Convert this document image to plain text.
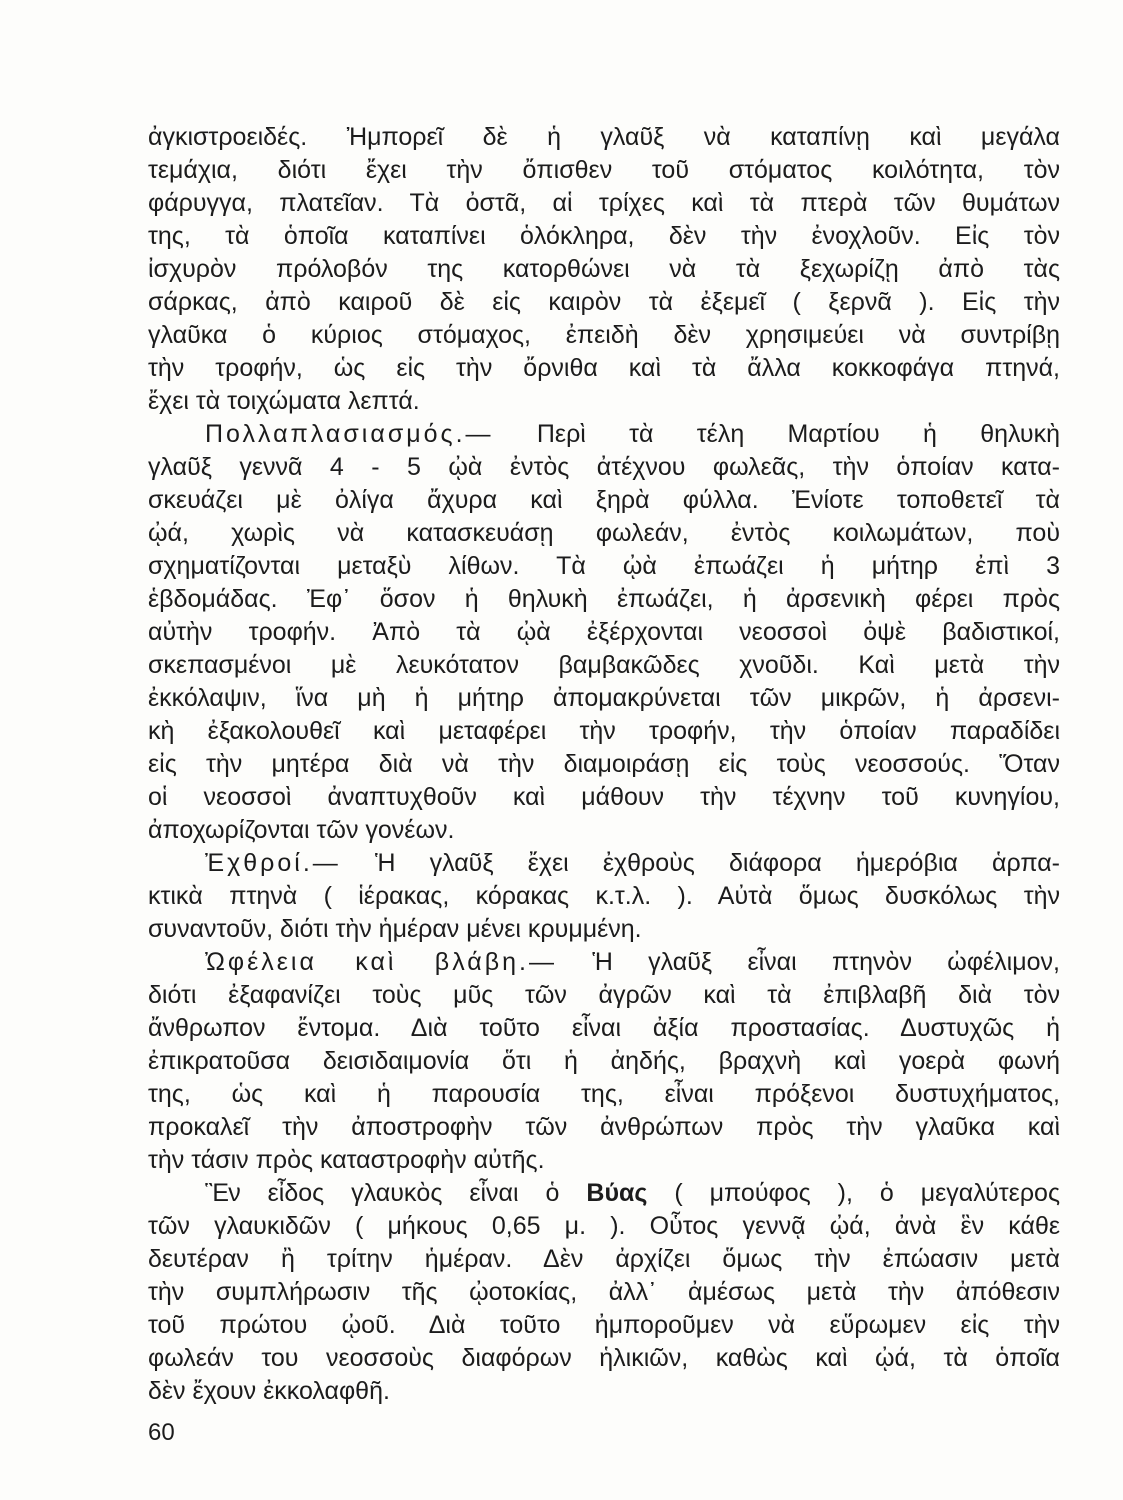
ἀγκιστροειδές. Ἠμπορεῖ δὲ ἡ γλαῦξ νὰ καταπίνῃ καὶ μεγάλα
τεμάχια, διότι ἔχει τὴν ὄπισθεν τοῦ στόματος κοιλότητα, τὸν
φάρυγγα, πλατεῖαν. Τὰ ὀστᾶ, αἱ τρίχες καὶ τὰ πτερὰ τῶν θυμάτων
της, τὰ ὁποῖα καταπίνει ὁλόκληρα, δὲν τὴν ἐνοχλοῦν. Εἰς τὸν
ἰσχυρὸν πρόλοβόν της κατορθώνει νὰ τὰ ξεχωρίζῃ ἀπὸ τὰς
σάρκας, ἀπὸ καιροῦ δὲ εἰς καιρὸν τὰ ἐξεμεῖ ( ξερνᾶ ). Εἰς τὴν
γλαῦκα ὁ κύριος στόμαχος, ἐπειδὴ δὲν χρησιμεύει νὰ συντρίβῃ
τὴν τροφήν, ὡς εἰς τὴν ὄρνιθα καὶ τὰ ἄλλα κοκκοφάγα πτηνά,
ἔχει τὰ τοιχώματα λεπτά.
Πολλαπλασιασμός.— Περὶ τὰ τέλη Μαρτίου ἡ θηλυκὴ
γλαῦξ γεννᾶ 4 - 5 ᾠὰ ἐντὸς ἀτέχνου φωλεᾶς, τὴν ὁποίαν κατα-
σκευάζει μὲ ὀλίγα ἄχυρα καὶ ξηρὰ φύλλα. Ἐνίοτε τοποθετεῖ τὰ
ᾠά, χωρὶς νὰ κατασκευάσῃ φωλεάν, ἐντὸς κοιλωμάτων, ποὺ
σχηματίζονται μεταξὺ λίθων. Τὰ ᾠὰ ἐπωάζει ἡ μήτηρ ἐπὶ 3
ἑβδομάδας. Ἐφ᾽ ὅσον ἡ θηλυκὴ ἐπωάζει, ἡ ἀρσενικὴ φέρει πρὸς
αὐτὴν τροφήν. Ἀπὸ τὰ ᾠὰ ἐξέρχονται νεοσσοὶ ὀψὲ βαδιστικοί,
σκεπασμένοι μὲ λευκότατον βαμβακῶδες χνοῦδι. Καὶ μετὰ τὴν
ἐκκόλαψιν, ἵνα μὴ ἡ μήτηρ ἀπομακρύνεται τῶν μικρῶν, ἡ ἀρσενι-
κὴ ἐξακολουθεῖ καὶ μεταφέρει τὴν τροφήν, τὴν ὁποίαν παραδίδει
εἰς τὴν μητέρα διὰ νὰ τὴν διαμοιράσῃ εἰς τοὺς νεοσσούς. Ὅταν
οἱ νεοσσοὶ ἀναπτυχθοῦν καὶ μάθουν τὴν τέχνην τοῦ κυνηγίου,
ἀποχωρίζονται τῶν γονέων.
Ἐχθροί.— Ἡ γλαῦξ ἔχει ἐχθροὺς διάφορα ἡμερόβια ἁρπα-
κτικὰ πτηνὰ ( ἱέρακας, κόρακας κ.τ.λ. ). Αὐτὰ ὅμως δυσκόλως τὴν
συναντοῦν, διότι τὴν ἡμέραν μένει κρυμμένη.
Ὠφέλεια καὶ βλάβη.— Ἡ γλαῦξ εἶναι πτηνὸν ὠφέλιμον,
διότι ἐξαφανίζει τοὺς μῦς τῶν ἀγρῶν καὶ τὰ ἐπιβλαβῆ διὰ τὸν
ἄνθρωπον ἔντομα. Διὰ τοῦτο εἶναι ἀξία προστασίας. Δυστυχῶς ἡ
ἐπικρατοῦσα δεισιδαιμονία ὅτι ἡ ἀηδής, βραχνὴ καὶ γοερὰ φωνή
της, ὡς καὶ ἡ παρουσία της, εἶναι πρόξενοι δυστυχήματος,
προκαλεῖ τὴν ἀποστροφὴν τῶν ἀνθρώπων πρὸς τὴν γλαῦκα καὶ
τὴν τάσιν πρὸς καταστροφὴν αὐτῆς.
Ἓν εἶδος γλαυκὸς εἶναι ὁ Βύας ( μπούφος ), ὁ μεγαλύτερος
τῶν γλαυκιδῶν ( μήκους 0,65 μ. ). Οὗτος γεννᾷ ᾠά, ἀνὰ ἓν κάθε
δευτέραν ἢ τρίτην ἡμέραν. Δὲν ἀρχίζει ὅμως τὴν ἐπώασιν μετὰ
τὴν συμπλήρωσιν τῆς ᾠοτοκίας, ἀλλ᾽ ἀμέσως μετὰ τὴν ἀπόθεσιν
τοῦ πρώτου ᾠοῦ. Διὰ τοῦτο ἠμποροῦμεν νὰ εὕρωμεν εἰς τὴν
φωλεάν του νεοσσοὺς διαφόρων ἡλικιῶν, καθὼς καὶ ᾠά, τὰ ὁποῖα
δὲν ἔχουν ἐκκολαφθῆ.
60
